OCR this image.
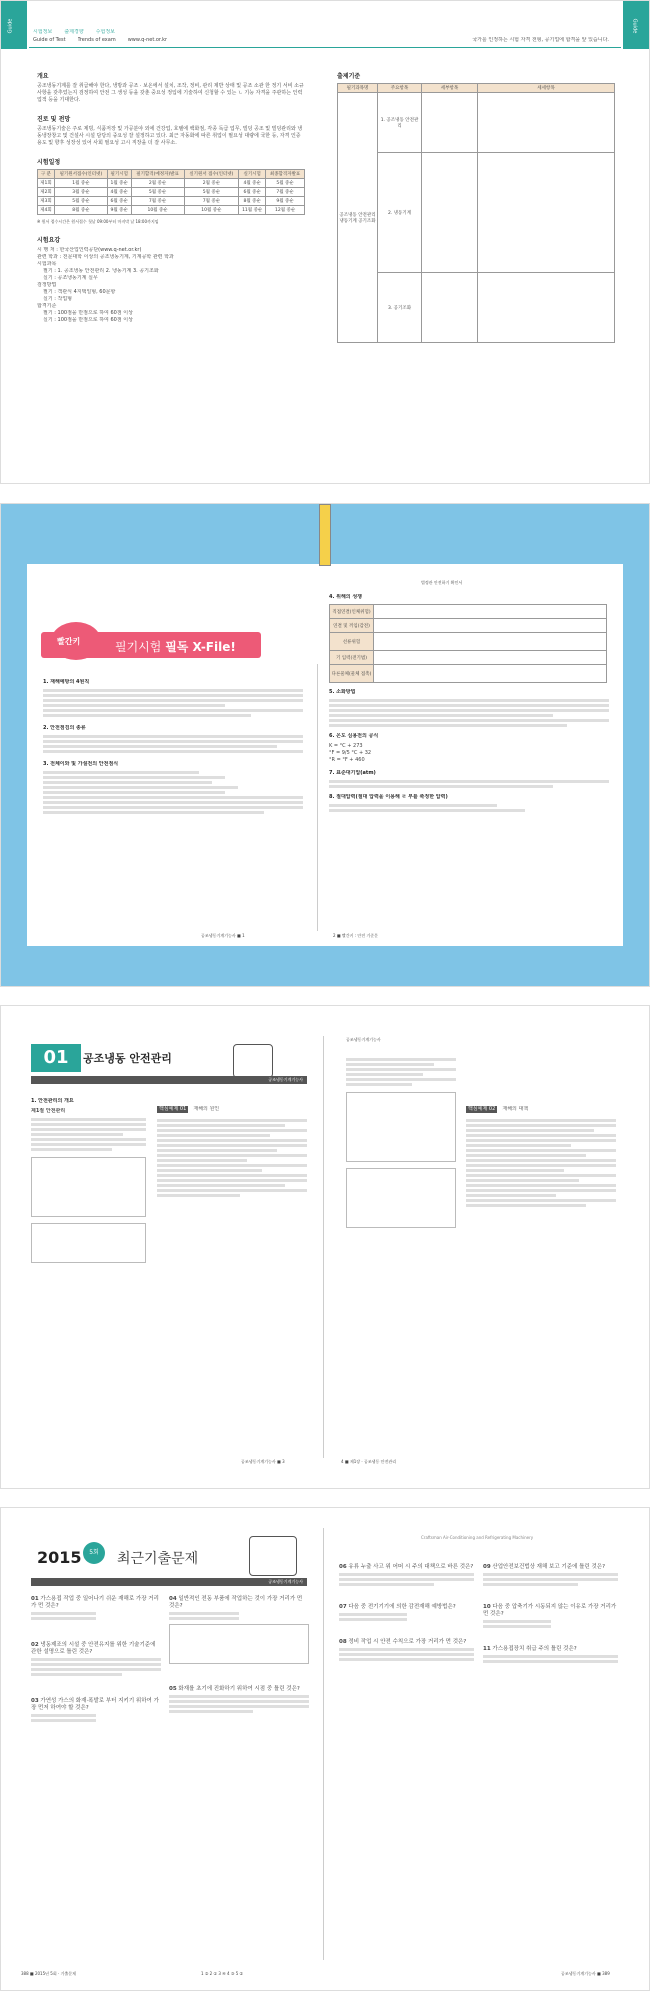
Guide	Guide
시험정보 출제경향 수험정보
Guide of Test Trends of exam www.q-net.or.kr	국가를 인정하는 시험 자격 전형, 공기업에 합격을 앞 있습니다.
개요
공조냉동기계를 잘 취급해야 한다, 냉방과 공조 · 보온에서 설치, 조작, 정비, 관리 제반 상태 및 공조 소관 한 정기 서비 소규 사항을 갖추었는지 검정하여 안전 그 생성 등을 갖춘 중요성 정입에 기술하여 신청할 수 있는 ㄴ 기능 자격을 주관하는 인력 업적 등을 기대한다.
진로 및 전망
공조냉동기술은 주로 제빙, 식품저장 및 가공분야 외에 건강업, 호텔에 백화점, 각종 독급 업무, 빌딩 공조 및 빌딩관리와 냉동냉장창고 및 건설사 시설 담당의 중요성 잘 설정하고 있다. 최근 자동화에 따른 취업이 필요성 대량에 국한 등, 자격 인증 용도 및 향후 성장성 있어 사회 필요성 고시 직장을 더 잘 사무소.
시험일정
구 분	필기원서접수(인터넷)	필기시험	필기합격(예정자)발표	실기원서 접수(인터넷)	실기시험	최종합격자발표
제1회	1월 중순	1월 중순	2월 중순	2월 중순	4월 중순	5월 중순
제2회	3월 중순	4월 중순	5월 중순	5월 중순	6월 중순	7월 중순
제3회	5월 중순	6월 중순	7월 중순	7월 중순	8월 중순	9월 중순
제4회	8월 중순	9월 중순	10월 중순	10월 중순	11월 중순	12월 중순
※ 원서 접수시간은 원서접수 첫날 09:00부터 마지막 날 18:00까지임
시험요강
시 행 처 : 한국산업인력공단(www.q-net.or.kr)
관련 학과 : 전문대학 이상의 공조냉동기계, 기계공학 관련 학과
시험과목
필기 : 1. 공조냉동 안전관리 2. 냉동기계 3. 공기조화
실기 : 공조냉동기계 실무
검정방법
필기 : 객관식 4지택일형, 60문항
실기 : 작업형
합격기준
필기 : 100점을 만점으로 하여 60점 이상
실기 : 100점을 만점으로 하여 60점 이상
출제기준
필기과목명	주요항목	세부항목	세세항목
공조냉동 안전관리 냉동기계 공기조화	1. 공조냉동 안전관리		
	2. 냉동기계		
	3. 공기조화		
빨간키	필기시험 필독 X-File!
법정관 안전하기 확인서
1. 재해예방의 4원칙
2. 안전점검의 종류
3. 전체이와 및 가설전의 안전점식
4. 위해의 성쟁
직접연결(인체위험)	
연결 및 끼임(감전)	
선류위험	
기 입력(전기법)	
다른물체(물체 접촉)	
5. 소화방법
6. 온도 심용전의 공식
K = °C + 273
°F = 9/5 °C + 32
°R = °F + 460
7. 표준대기압(atm)
8. 절대압력(절대 압력을 이용해 ㄹ 부를 축정한 압력)
공조냉동기계기능사 ■ 1	2 ■ 빨간키 : 안전 기준문
01	공조냉동 안전관리
공조냉동기계기능사
1. 안전관리의 개요
제1절 안전관리	핵심예제 01 재해의 원인
공조냉동기계기능사
핵심예제 02 재해의 대책
공조냉동기계기능사 ■ 3	4 ■ 제1장 · 공조냉동 안전관리
2015	5회	최근기출문제
공조냉동기계기능사
Craftsman Air-Conditioning and Refrigerating Machinery
01 가스용접 작업 중 일어나기 쉬운 재해로 가장 거리가 먼 것은?
02 냉동제조의 시설 중 안전유지를 위한 기술기준에 관한 설명으로 틀린 것은?
03 가연성 가스의 화재·폭발로 부터 지키기 위하여 가장 먼저 하여야 할 것은?
04 일반적인 전동 부품에 작업하는 것이 가장 거리가 먼 것은?
05 화재를 초기에 진화하기 위하여 시점 중 틀린 것은?
06 유류 누출 사고 위 어떠 시 주의 대책으로 바른 것은?
07 다음 중 전기기기에 의한 감전재해 예방법은?
08 정비 작업 시 안전 수칙으로 가장 거리가 먼 것은?
09 산업안전보건법상 재해 보고 기준에 틀린 것은?
10 다음 중 압축기가 시동되지 않는 이유로 가장 거리가 먼 것은?
11 가스용접장치 취급 주의 틀린 것은?
388 ■ 2015년 5회 · 기출문제	1 ② 2 ① 3 ④ 4 ③ 5 ②	공조냉동기계기능사 ■ 389
